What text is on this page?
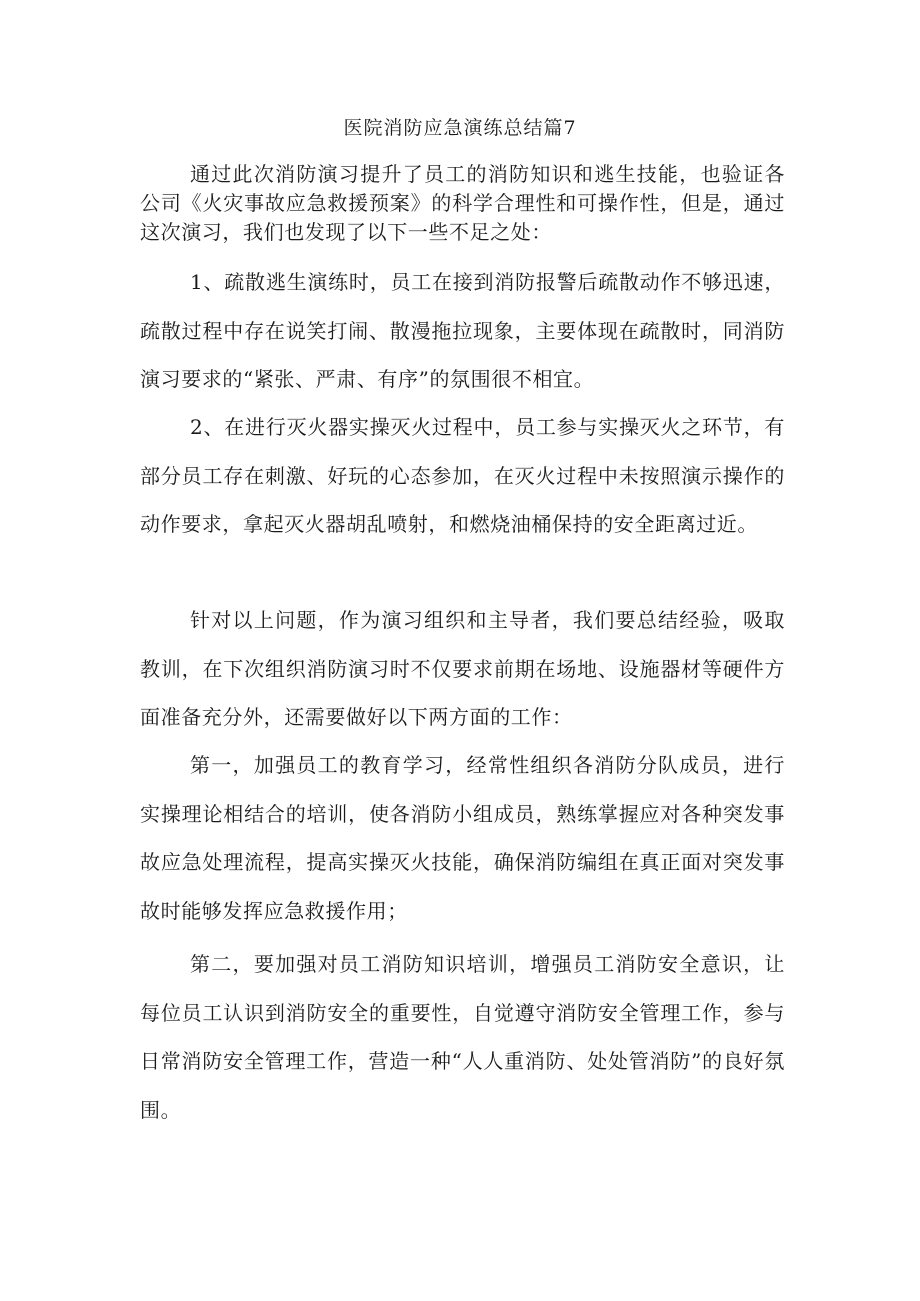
医院消防应急演练总结篇7

通过此次消防演习提升了员工的消防知识和逃生技能，也验证各公司《火灾事故应急救援预案》的科学合理性和可操作性，但是，通过这次演习，我们也发现了以下一些不足之处：

1、疏散逃生演练时，员工在接到消防报警后疏散动作不够迅速，疏散过程中存在说笑打闹、散漫拖拉现象，主要体现在疏散时，同消防演习要求的“紧张、严肃、有序”的氛围很不相宜。

2、在进行灭火器实操灭火过程中，员工参与实操灭火之环节，有部分员工存在刺激、好玩的心态参加，在灭火过程中未按照演示操作的动作要求，拿起灭火器胡乱喷射，和燃烧油桶保持的安全距离过近。

针对以上问题，作为演习组织和主导者，我们要总结经验，吸取教训，在下次组织消防演习时不仅要求前期在场地、设施器材等硬件方面准备充分外，还需要做好以下两方面的工作：

第一，加强员工的教育学习，经常性组织各消防分队成员，进行实操理论相结合的培训，使各消防小组成员，熟练掌握应对各种突发事故应急处理流程，提高实操灭火技能，确保消防编组在真正面对突发事故时能够发挥应急救援作用；

第二，要加强对员工消防知识培训，增强员工消防安全意识，让每位员工认识到消防安全的重要性，自觉遵守消防安全管理工作，参与日常消防安全管理工作，营造一种“人人重消防、处处管消防”的良好氛围。
